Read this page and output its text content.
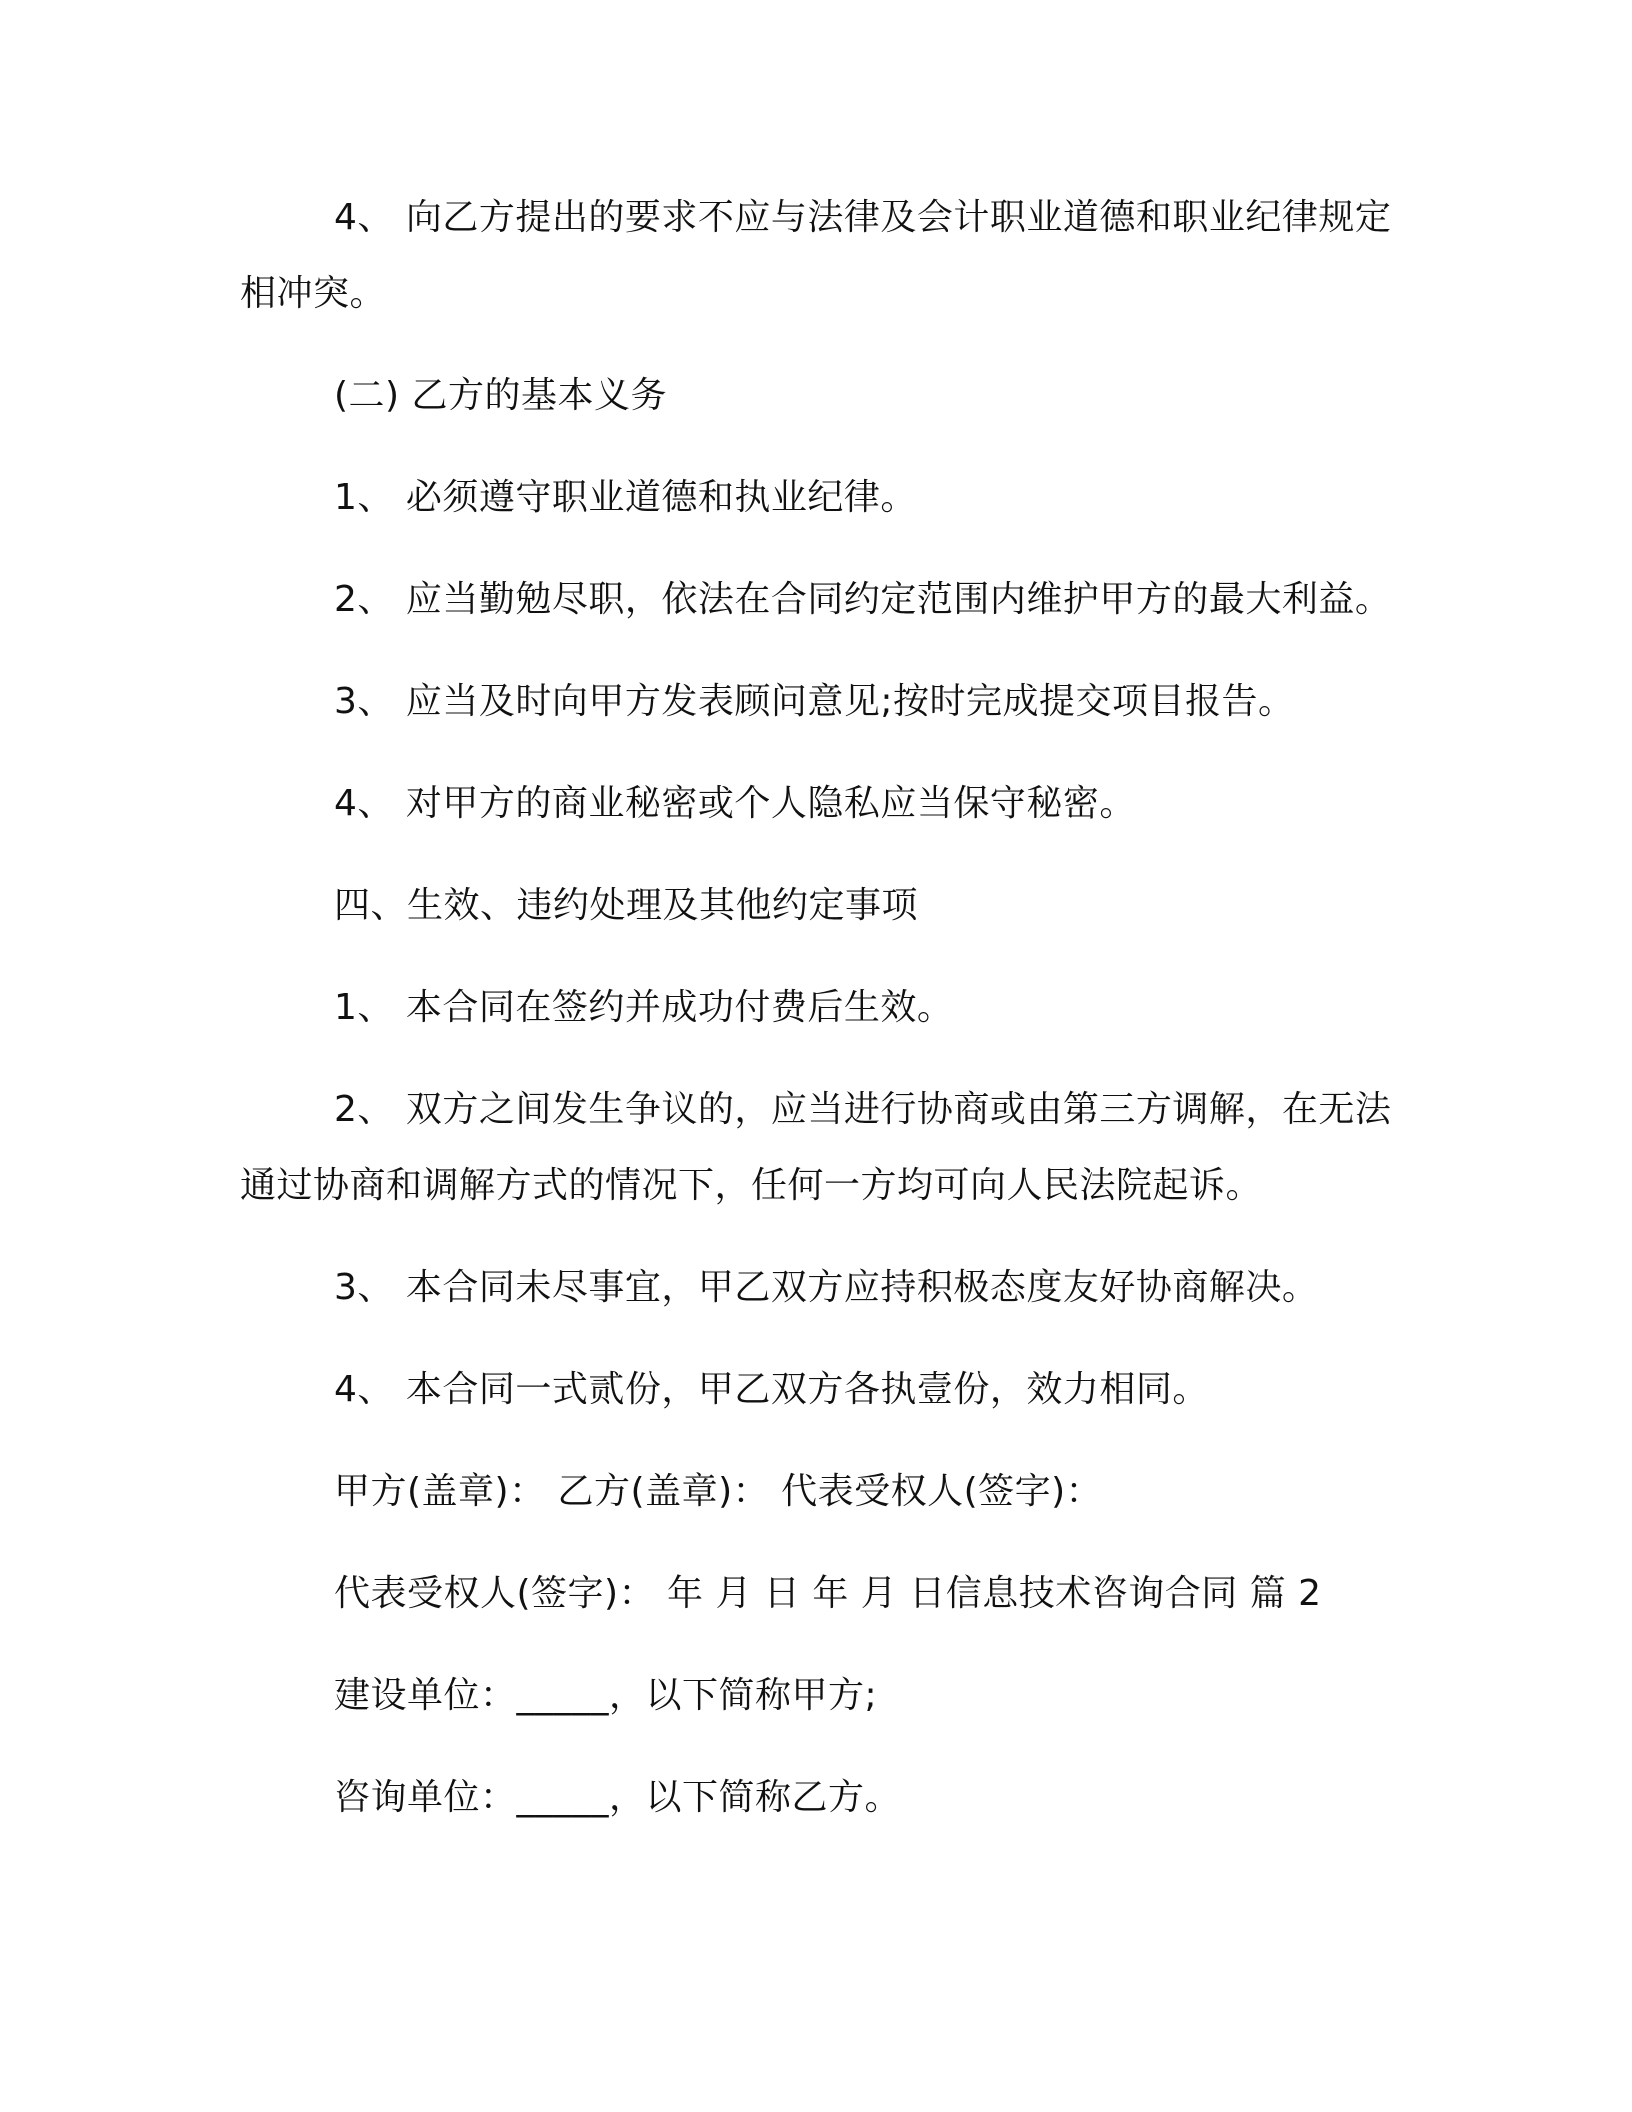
4、 向乙方提出的要求不应与法律及会计职业道德和职业纪律规定相冲突。
(二) 乙方的基本义务
1、 必须遵守职业道德和执业纪律。
2、 应当勤勉尽职，依法在合同约定范围内维护甲方的最大利益。
3、 应当及时向甲方发表顾问意见;按时完成提交项目报告。
4、 对甲方的商业秘密或个人隐私应当保守秘密。
四、生效、违约处理及其他约定事项
1、 本合同在签约并成功付费后生效。
2、 双方之间发生争议的，应当进行协商或由第三方调解，在无法通过协商和调解方式的情况下，任何一方均可向人民法院起诉。
3、 本合同未尽事宜，甲乙双方应持积极态度友好协商解决。
4、 本合同一式贰份，甲乙双方各执壹份，效力相同。
甲方(盖章)： 乙方(盖章)： 代表受权人(签字)：
代表受权人(签字)： 年 月 日 年 月 日信息技术咨询合同 篇 2
建设单位：_____，以下简称甲方;
咨询单位：_____，以下简称乙方。
